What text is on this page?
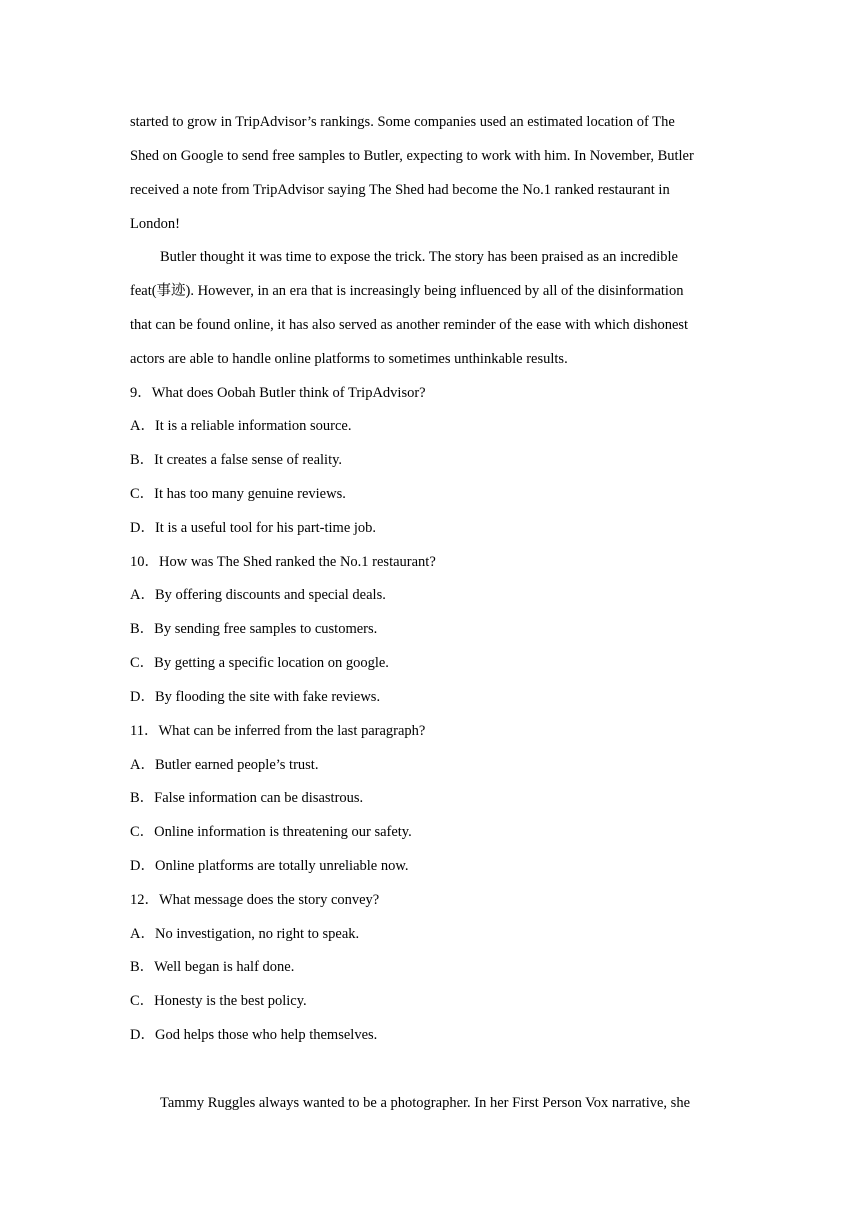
started to grow in TripAdvisor’s rankings. Some companies used an estimated location of The
Shed on Google to send free samples to Butler, expecting to work with him. In November, Butler
received a note from TripAdvisor saying The Shed had become the No.1 ranked restaurant in
London!
Butler thought it was time to expose the trick. The story has been praised as an incredible
feat(事迹). However, in an era that is increasingly being influenced by all of the disinformation
that can be found online, it has also served as another reminder of the ease with which dishonest
actors are able to handle online platforms to sometimes unthinkable results.
9．What does Oobah Butler think of TripAdvisor?
A．It is a reliable information source.
B．It creates a false sense of reality.
C．It has too many genuine reviews.
D．It is a useful tool for his part-time job.
10．How was The Shed ranked the No.1 restaurant?
A．By offering discounts and special deals.
B．By sending free samples to customers.
C．By getting a specific location on google.
D．By flooding the site with fake reviews.
11．What can be inferred from the last paragraph?
A．Butler earned people’s trust.
B．False information can be disastrous.
C．Online information is threatening our safety.
D．Online platforms are totally unreliable now.
12．What message does the story convey?
A．No investigation, no right to speak.
B．Well began is half done.
C．Honesty is the best policy.
D．God helps those who help themselves.
Tammy Ruggles always wanted to be a photographer. In her First Person Vox narrative, she
